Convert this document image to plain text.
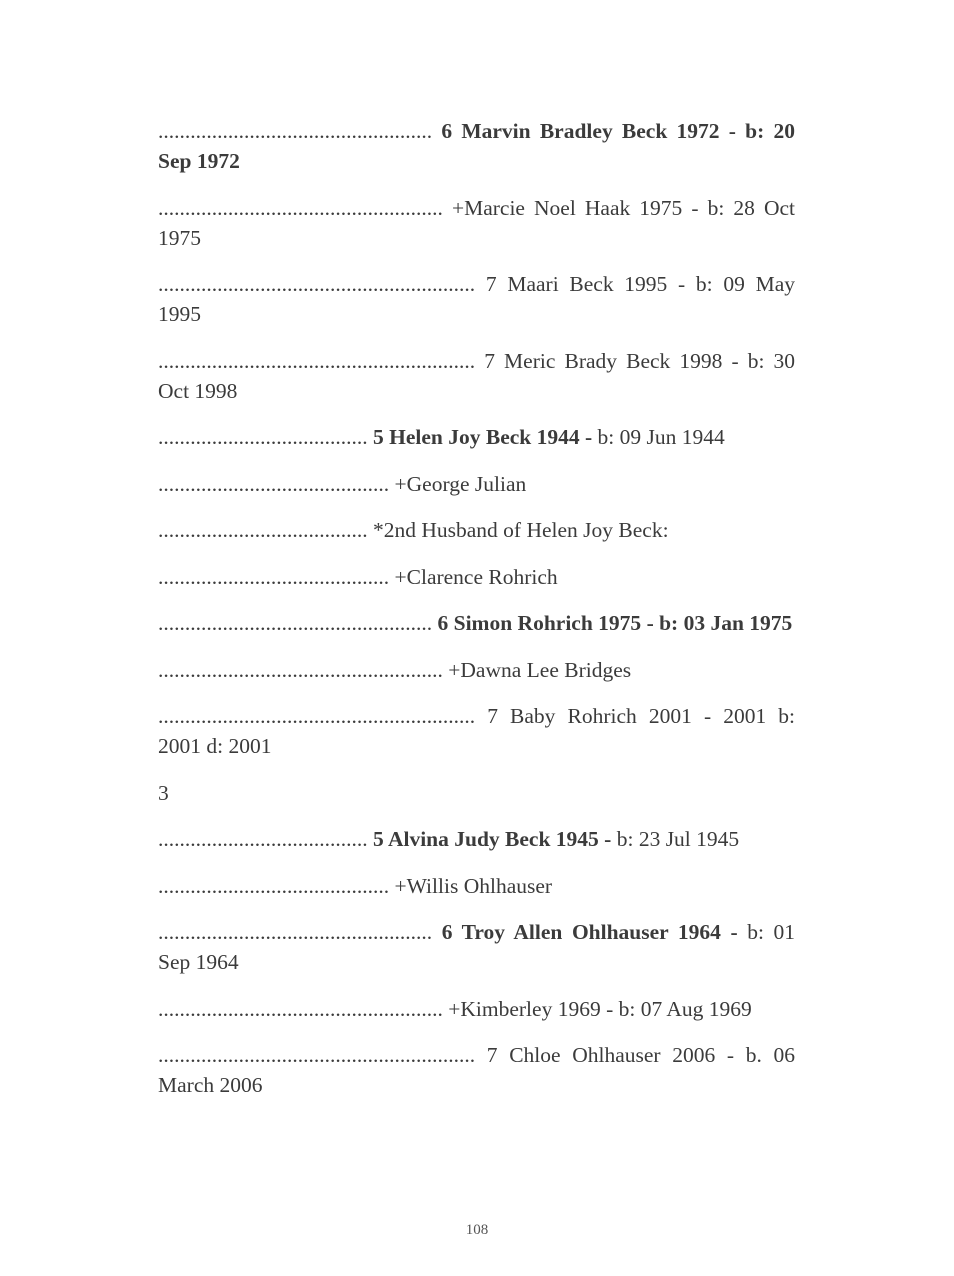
................................................... 6 Marvin Bradley Beck 1972 - b: 20 Sep 1972

..................................................... +Marcie Noel Haak 1975 - b: 28 Oct 1975

........................................................... 7 Maari Beck 1995 - b: 09 May 1995

........................................................... 7 Meric Brady Beck 1998 - b: 30 Oct 1998

....................................... 5 Helen Joy Beck 1944 - b: 09 Jun 1944

........................................... +George Julian

....................................... *2nd Husband of Helen Joy Beck:

........................................... +Clarence Rohrich

................................................... 6 Simon Rohrich 1975 - b: 03 Jan 1975

..................................................... +Dawna Lee Bridges

........................................................... 7 Baby Rohrich 2001 - 2001 b: 2001 d: 2001

3

....................................... 5 Alvina Judy Beck 1945 - b: 23 Jul 1945

........................................... +Willis Ohlhauser

................................................... 6 Troy Allen Ohlhauser 1964 - b: 01 Sep 1964

..................................................... +Kimberley 1969 - b: 07 Aug 1969

........................................................... 7 Chloe Ohlhauser 2006 - b. 06 March 2006

108
